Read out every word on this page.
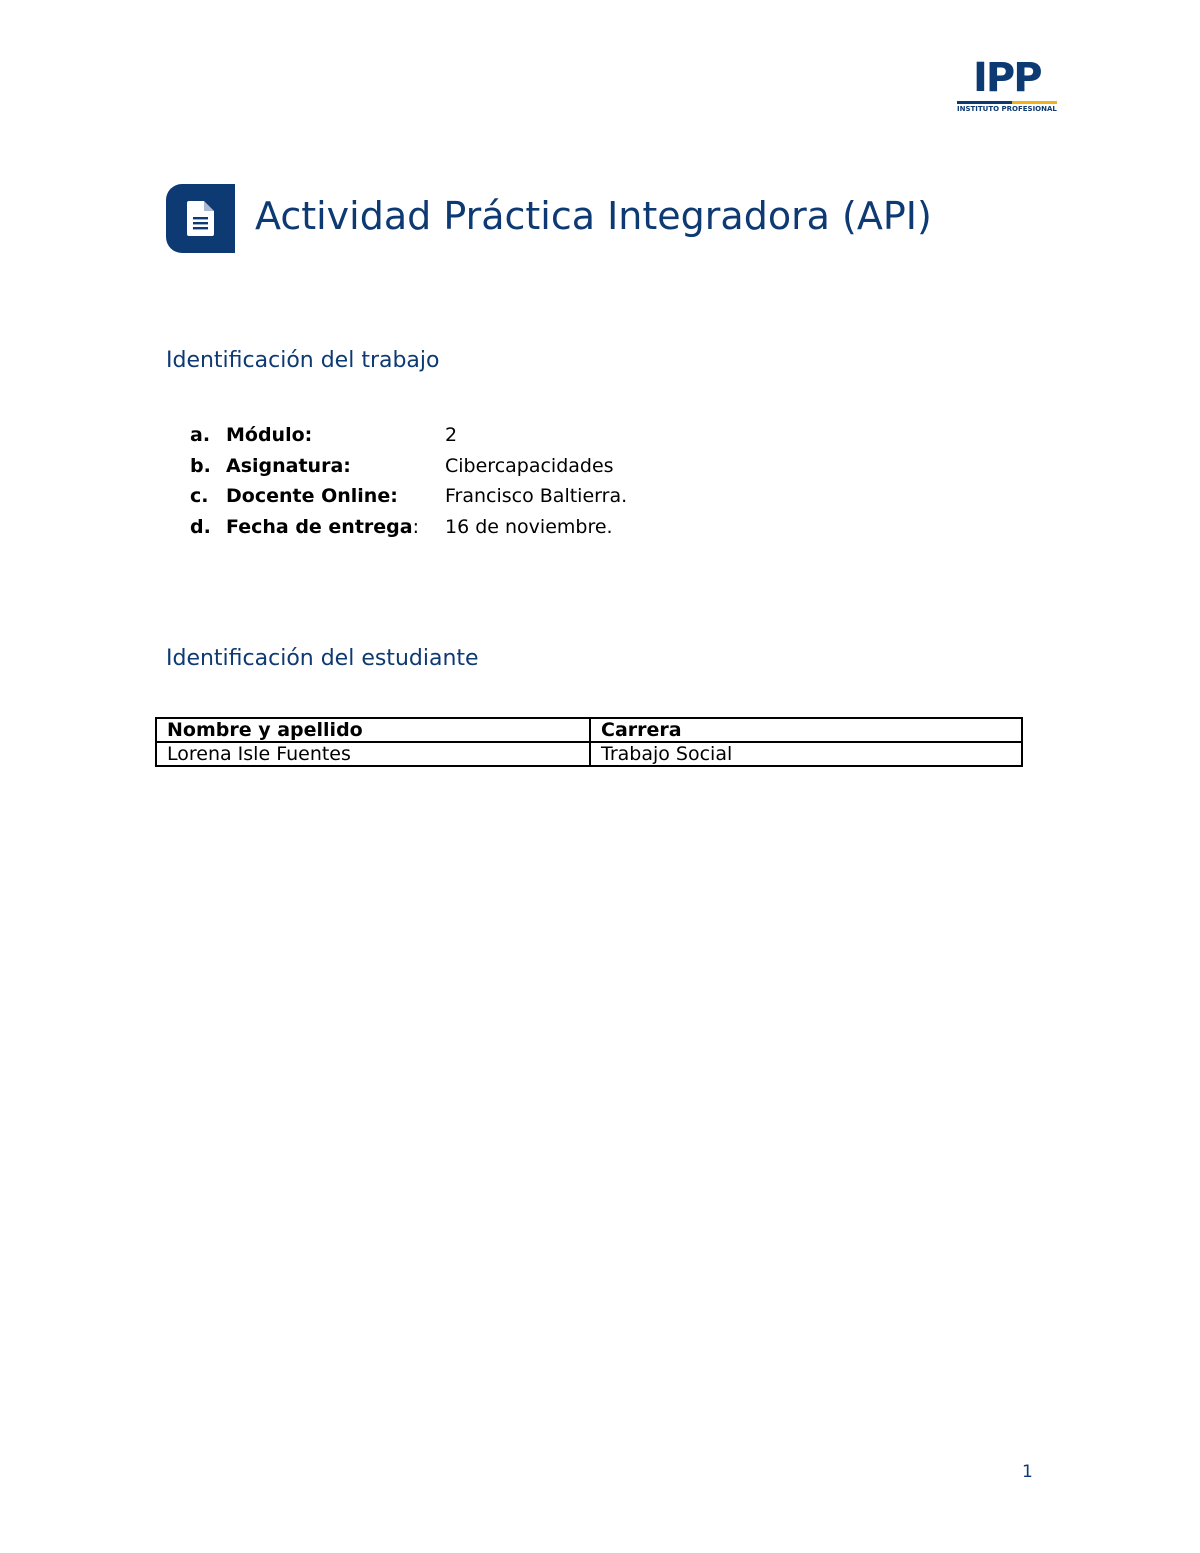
IPP
INSTITUTO PROFESIONAL
Actividad Práctica Integradora (API)
Identificación del trabajo
a. Módulo:	2
b. Asignatura:	Cibercapacidades
c. Docente Online: Francisco Baltierra.
d. Fecha de entrega: 16 de noviembre.
Identificación del estudiante
Nombre y apellido	Carrera
Lorena Isle Fuentes	Trabajo Social
1
